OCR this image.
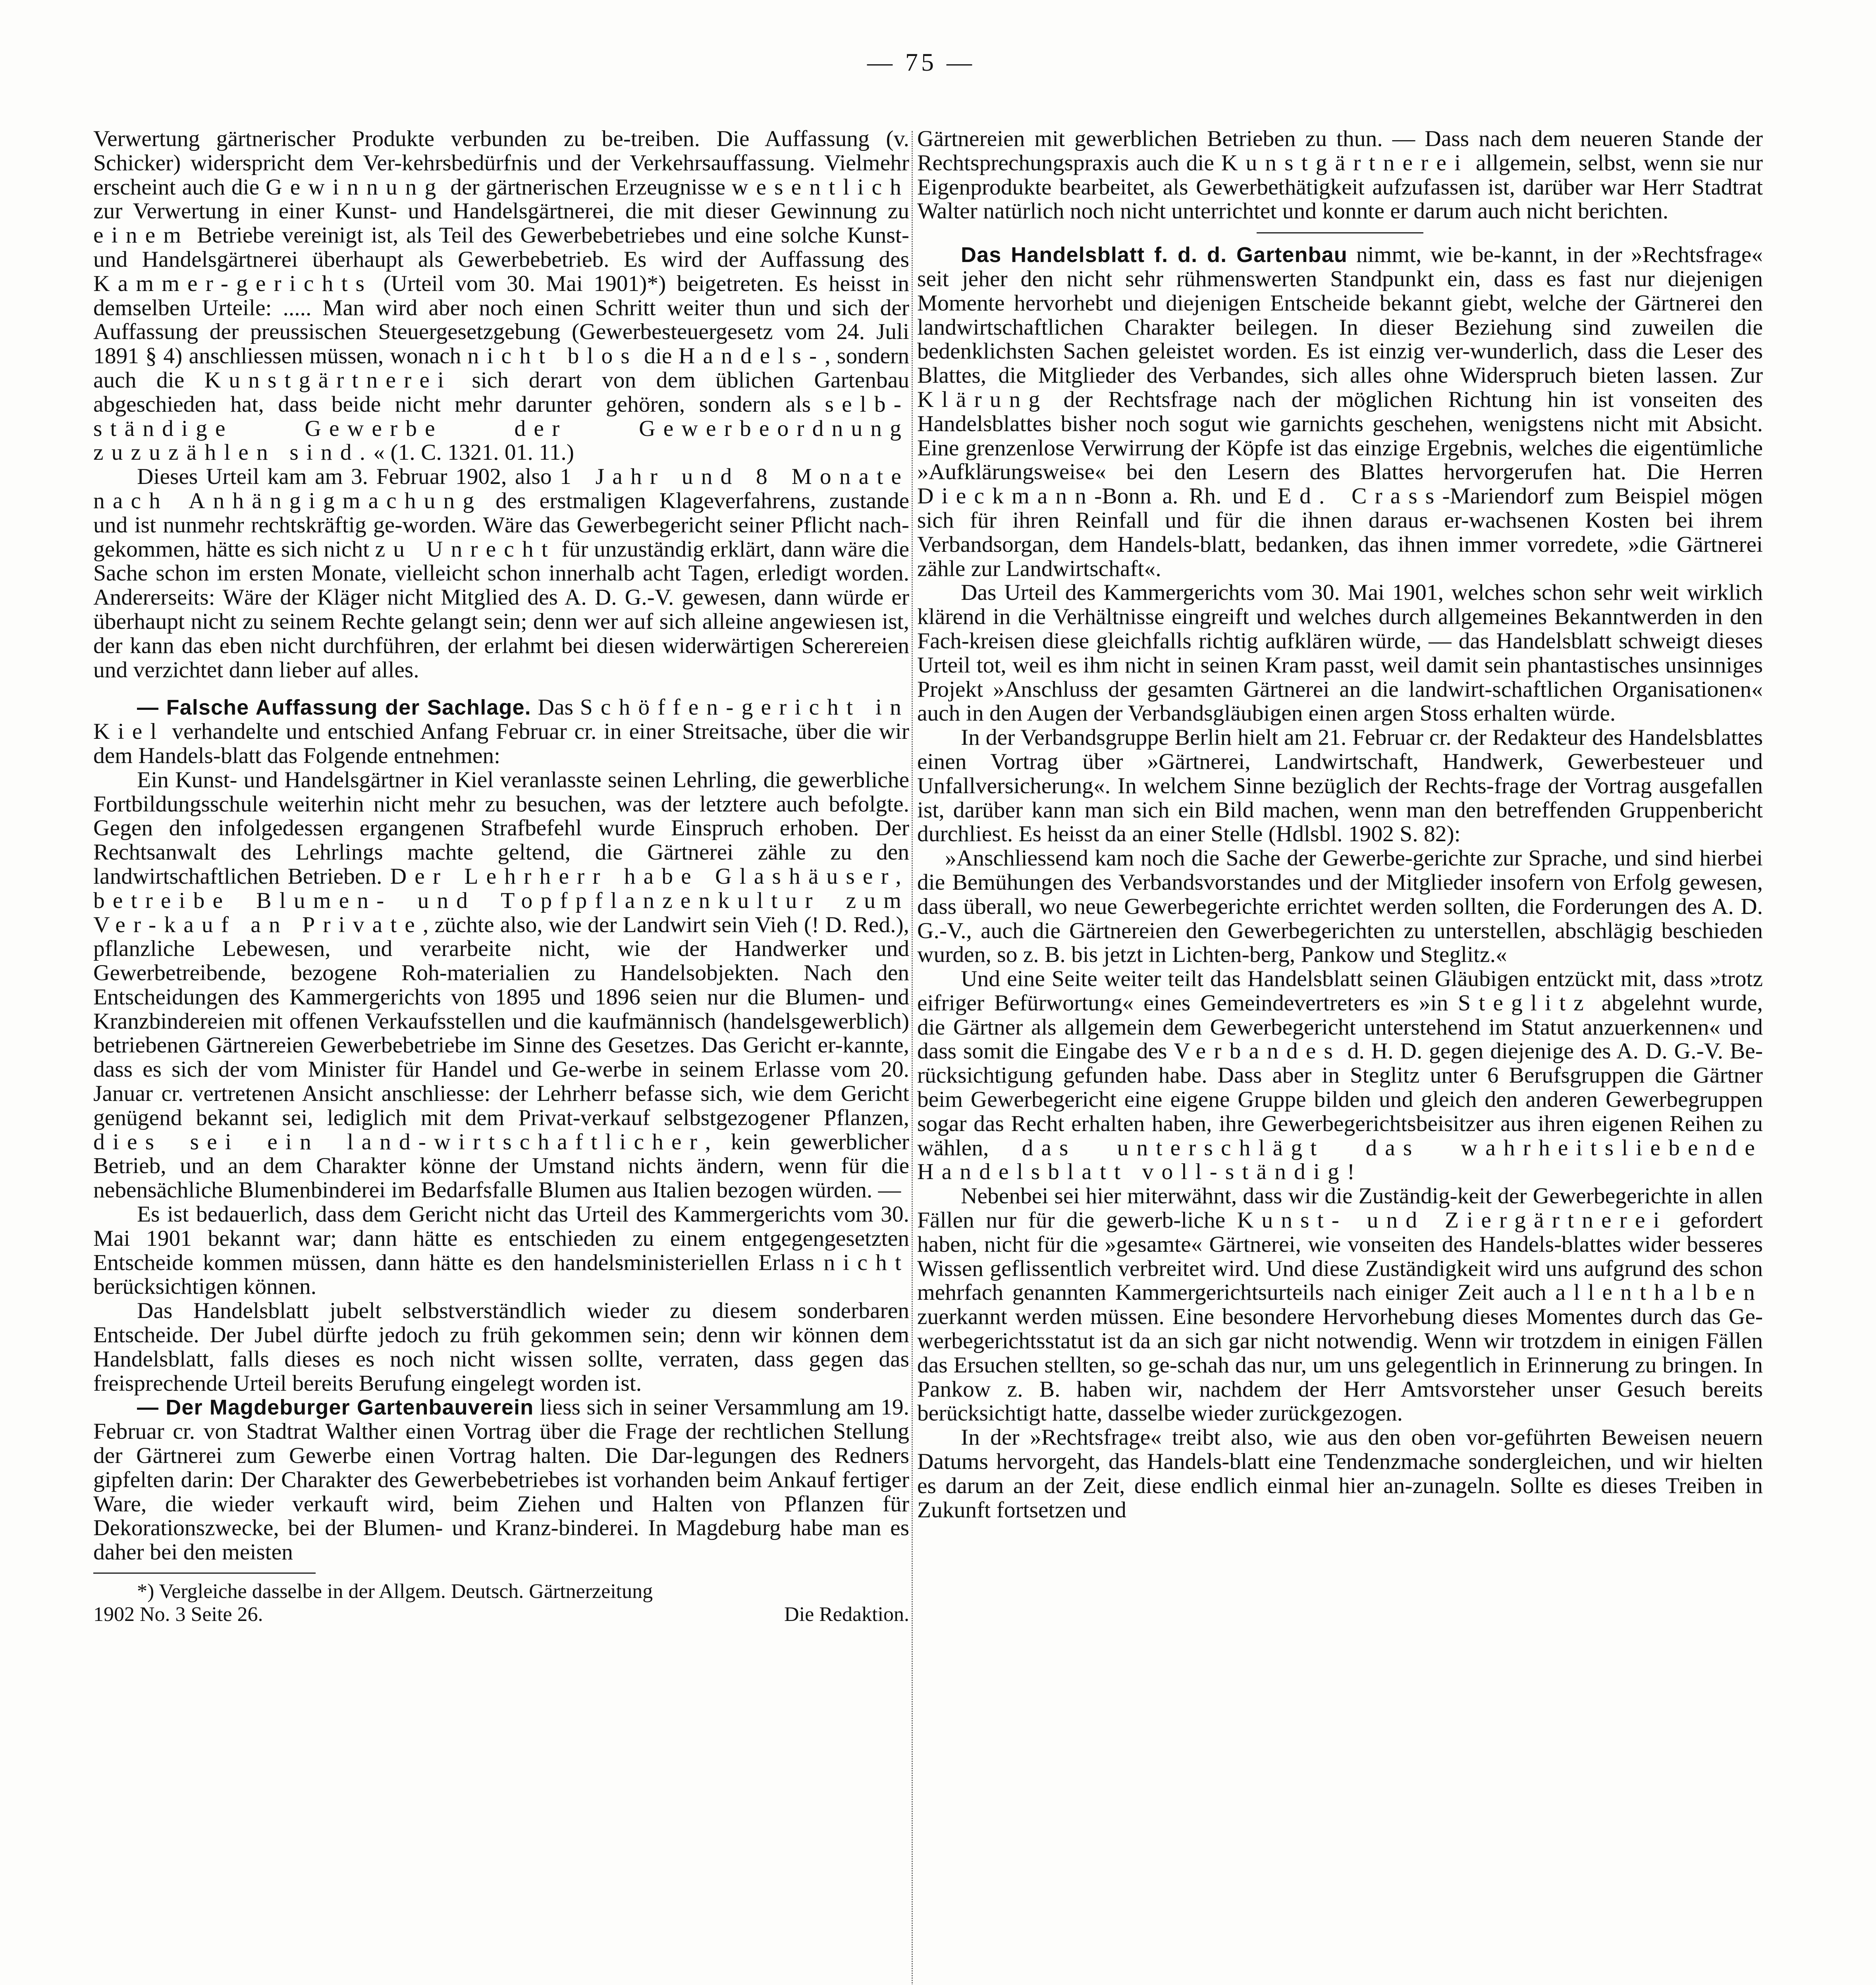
— 75 —

Verwertung gärtnerischer Produkte verbunden zu be-treiben. Die Auffassung (v. Schicker) widerspricht dem Ver-kehrsbedürfnis und der Verkehrsauffassung. Vielmehr erscheint auch die Gewinnung der gärtnerischen Erzeugnisse wesentlich zur Verwertung in einer Kunst- und Handelsgärtnerei, die mit dieser Gewinnung zu einem Betriebe vereinigt ist, als Teil des Gewerbebetriebes und eine solche Kunst- und Handelsgärtnerei überhaupt als Gewerbebetrieb. Es wird der Auffassung des Kammer-gerichts (Urteil vom 30. Mai 1901)*) beigetreten. Es heisst in demselben Urteile: ..... Man wird aber noch einen Schritt weiter thun und sich der Auffassung der preussischen Steuergesetzgebung (Gewerbesteuergesetz vom 24. Juli 1891 § 4) anschliessen müssen, wonach nicht blos die Handels-, sondern auch die Kunstgärtnerei sich derart von dem üblichen Gartenbau abgeschieden hat, dass beide nicht mehr darunter gehören, sondern als selb-ständige Gewerbe der Gewerbeordnung zuzuzählen sind.« (1. C. 1321. 01. 11.)

Dieses Urteil kam am 3. Februar 1902, also 1 Jahr und 8 Monate nach Anhängigmachung des erstmaligen Klageverfahrens, zustande und ist nunmehr rechtskräftig ge-worden. Wäre das Gewerbegericht seiner Pflicht nach-gekommen, hätte es sich nicht zu Unrecht für unzuständig erklärt, dann wäre die Sache schon im ersten Monate, vielleicht schon innerhalb acht Tagen, erledigt worden. Andererseits: Wäre der Kläger nicht Mitglied des A. D. G.-V. gewesen, dann würde er überhaupt nicht zu seinem Rechte gelangt sein; denn wer auf sich alleine angewiesen ist, der kann das eben nicht durchführen, der erlahmt bei diesen widerwärtigen Scherereien und verzichtet dann lieber auf alles.

— Falsche Auffassung der Sachlage. Das Schöffen-gericht in Kiel verhandelte und entschied Anfang Februar cr. in einer Streitsache, über die wir dem Handels-blatt das Folgende entnehmen:

Ein Kunst- und Handelsgärtner in Kiel veranlasste seinen Lehrling, die gewerbliche Fortbildungsschule weiterhin nicht mehr zu besuchen, was der letztere auch befolgte. Gegen den infolgedessen ergangenen Strafbefehl wurde Einspruch erhoben. Der Rechtsanwalt des Lehrlings machte geltend, die Gärtnerei zähle zu den landwirtschaftlichen Betrieben. Der Lehrherr habe Glashäuser, betreibe Blumen- und Topfpflanzenkultur zum Ver-kauf an Private, züchte also, wie der Landwirt sein Vieh (! D. Red.), pflanzliche Lebewesen, und verarbeite nicht, wie der Handwerker und Gewerbetreibende, bezogene Roh-materialien zu Handelsobjekten. Nach den Entscheidungen des Kammergerichts von 1895 und 1896 seien nur die Blumen- und Kranzbindereien mit offenen Verkaufsstellen und die kaufmännisch (handelsgewerblich) betriebenen Gärtnereien Gewerbebetriebe im Sinne des Gesetzes. Das Gericht er-kannte, dass es sich der vom Minister für Handel und Ge-werbe in seinem Erlasse vom 20. Januar cr. vertretenen Ansicht anschliesse: der Lehrherr befasse sich, wie dem Gericht genügend bekannt sei, lediglich mit dem Privat-verkauf selbstgezogener Pflanzen, dies sei ein land-wirtschaftlicher, kein gewerblicher Betrieb, und an dem Charakter könne der Umstand nichts ändern, wenn für die nebensächliche Blumenbinderei im Bedarfsfalle Blumen aus Italien bezogen würden. —

Es ist bedauerlich, dass dem Gericht nicht das Urteil des Kammergerichts vom 30. Mai 1901 bekannt war; dann hätte es entschieden zu einem entgegengesetzten Entscheide kommen müssen, dann hätte es den handelsministeriellen Erlass nicht berücksichtigen können.

Das Handelsblatt jubelt selbstverständlich wieder zu diesem sonderbaren Entscheide. Der Jubel dürfte jedoch zu früh gekommen sein; denn wir können dem Handelsblatt, falls dieses es noch nicht wissen sollte, verraten, dass gegen das freisprechende Urteil bereits Berufung eingelegt worden ist.

— Der Magdeburger Gartenbauverein liess sich in seiner Versammlung am 19. Februar cr. von Stadtrat Walther einen Vortrag über die Frage der rechtlichen Stellung der Gärtnerei zum Gewerbe einen Vortrag halten. Die Dar-legungen des Redners gipfelten darin: Der Charakter des Gewerbebetriebes ist vorhanden beim Ankauf fertiger Ware, die wieder verkauft wird, beim Ziehen und Halten von Pflanzen für Dekorationszwecke, bei der Blumen- und Kranz-binderei. In Magdeburg habe man es daher bei den meisten

*) Vergleiche dasselbe in der Allgem. Deutsch. Gärtnerzeitung

1902 No. 3 Seite 26.	Die Redaktion.

Gärtnereien mit gewerblichen Betrieben zu thun. — Dass nach dem neueren Stande der Rechtsprechungspraxis auch die Kunstgärtnerei allgemein, selbst, wenn sie nur Eigenprodukte bearbeitet, als Gewerbethätigkeit aufzufassen ist, darüber war Herr Stadtrat Walter natürlich noch nicht unterrichtet und konnte er darum auch nicht berichten.

Das Handelsblatt f. d. d. Gartenbau nimmt, wie be-kannt, in der »Rechtsfrage« seit jeher den nicht sehr rühmenswerten Standpunkt ein, dass es fast nur diejenigen Momente hervorhebt und diejenigen Entscheide bekannt giebt, welche der Gärtnerei den landwirtschaftlichen Charakter beilegen. In dieser Beziehung sind zuweilen die bedenklichsten Sachen geleistet worden. Es ist einzig ver-wunderlich, dass die Leser des Blattes, die Mitglieder des Verbandes, sich alles ohne Widerspruch bieten lassen. Zur Klärung der Rechtsfrage nach der möglichen Richtung hin ist vonseiten des Handelsblattes bisher noch sogut wie garnichts geschehen, wenigstens nicht mit Absicht. Eine grenzenlose Verwirrung der Köpfe ist das einzige Ergebnis, welches die eigentümliche »Aufklärungsweise« bei den Lesern des Blattes hervorgerufen hat. Die Herren Dieckmann-Bonn a. Rh. und Ed. Crass-Mariendorf zum Beispiel mögen sich für ihren Reinfall und für die ihnen daraus er-wachsenen Kosten bei ihrem Verbandsorgan, dem Handels-blatt, bedanken, das ihnen immer vorredete, »die Gärtnerei zähle zur Landwirtschaft«.

Das Urteil des Kammergerichts vom 30. Mai 1901, welches schon sehr weit wirklich klärend in die Verhältnisse eingreift und welches durch allgemeines Bekanntwerden in den Fach-kreisen diese gleichfalls richtig aufklären würde, — das Handelsblatt schweigt dieses Urteil tot, weil es ihm nicht in seinen Kram passt, weil damit sein phantastisches unsinniges Projekt »Anschluss der gesamten Gärtnerei an die landwirt-schaftlichen Organisationen« auch in den Augen der Verbandsgläubigen einen argen Stoss erhalten würde.

In der Verbandsgruppe Berlin hielt am 21. Februar cr. der Redakteur des Handelsblattes einen Vortrag über »Gärtnerei, Landwirtschaft, Handwerk, Gewerbesteuer und Unfallversicherung«. In welchem Sinne bezüglich der Rechts-frage der Vortrag ausgefallen ist, darüber kann man sich ein Bild machen, wenn man den betreffenden Gruppenbericht durchliest. Es heisst da an einer Stelle (Hdlsbl. 1902 S. 82):

»Anschliessend kam noch die Sache der Gewerbe-gerichte zur Sprache, und sind hierbei die Bemühungen des Verbandsvorstandes und der Mitglieder insofern von Erfolg gewesen, dass überall, wo neue Gewerbegerichte errichtet werden sollten, die Forderungen des A. D. G.-V., auch die Gärtnereien den Gewerbegerichten zu unterstellen, abschlägig beschieden wurden, so z. B. bis jetzt in Lichten-berg, Pankow und Steglitz.«

Und eine Seite weiter teilt das Handelsblatt seinen Gläubigen entzückt mit, dass »trotz eifriger Befürwortung« eines Gemeindevertreters es »in Steglitz abgelehnt wurde, die Gärtner als allgemein dem Gewerbegericht unterstehend im Statut anzuerkennen« und dass somit die Eingabe des Verbandes d. H. D. gegen diejenige des A. D. G.-V. Be-rücksichtigung gefunden habe. Dass aber in Steglitz unter 6 Berufsgruppen die Gärtner beim Gewerbegericht eine eigene Gruppe bilden und gleich den anderen Gewerbegruppen sogar das Recht erhalten haben, ihre Gewerbegerichtsbeisitzer aus ihren eigenen Reihen zu wählen, das unterschlägt das wahrheitsliebende Handelsblatt voll-ständig!

Nebenbei sei hier miterwähnt, dass wir die Zuständig-keit der Gewerbegerichte in allen Fällen nur für die gewerb-liche Kunst- und Ziergärtnerei gefordert haben, nicht für die »gesamte« Gärtnerei, wie vonseiten des Handels-blattes wider besseres Wissen geflissentlich verbreitet wird. Und diese Zuständigkeit wird uns aufgrund des schon mehrfach genannten Kammergerichtsurteils nach einiger Zeit auch allenthalben zuerkannt werden müssen. Eine besondere Hervorhebung dieses Momentes durch das Ge-werbegerichtsstatut ist da an sich gar nicht notwendig. Wenn wir trotzdem in einigen Fällen das Ersuchen stellten, so ge-schah das nur, um uns gelegentlich in Erinnerung zu bringen. In Pankow z. B. haben wir, nachdem der Herr Amtsvorsteher unser Gesuch bereits berücksichtigt hatte, dasselbe wieder zurückgezogen.

In der »Rechtsfrage« treibt also, wie aus den oben vor-geführten Beweisen neuern Datums hervorgeht, das Handels-blatt eine Tendenzmache sondergleichen, und wir hielten es darum an der Zeit, diese endlich einmal hier an-zunageln. Sollte es dieses Treiben in Zukunft fortsetzen und
